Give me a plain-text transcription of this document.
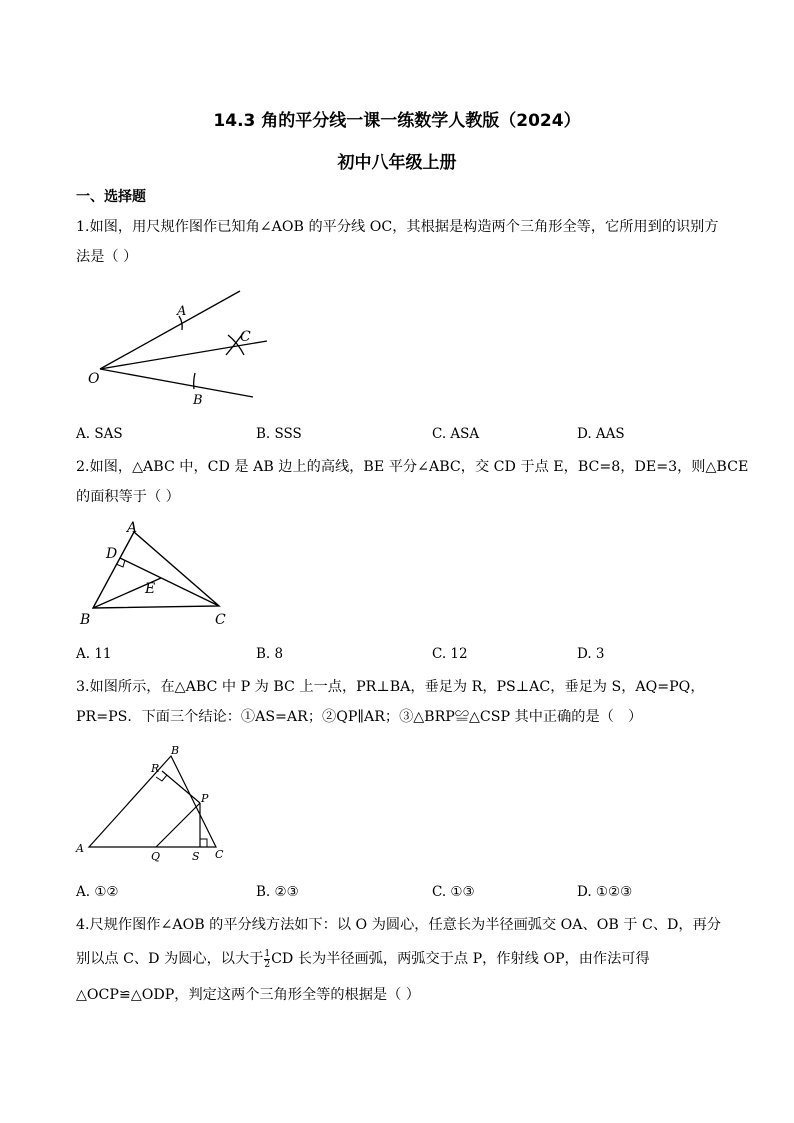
14.3 角的平分线一课一练数学人教版（2024）
初中八年级上册
一、选择题
1.如图，用尺规作图作已知角∠AOB 的平分线 OC，其根据是构造两个三角形全等，它所用到的识别方
法是（ ）
O
A
B
C
A. SAS	B. SSS	C. ASA	D. AAS
2.如图，△ABC 中，CD 是 AB 边上的高线，BE 平分∠ABC，交 CD 于点 E，BC=8，DE=3，则△BCE
的面积等于（ ）
A
D
E
B	C
A. 11	B. 8	C. 12	D. 3
3.如图所示，在△ABC 中 P 为 BC 上一点，PR⊥BA，垂足为 R，PS⊥AC，垂足为 S，AQ=PQ，
PR=PS．下面三个结论：①AS=AR；②QP∥AR；③△BRP≌△CSP 其中正确的是（　）
B
R
P
A
Q	S C
A. ①②	B. ②③	C. ①③	D. ①②③
4.尺规作图作∠AOB 的平分线方法如下：以 O 为圆心，任意长为半径画弧交 OA、OB 于 C、D，再分
别以点 C、D 为圆心，以大于 $\frac{1}{2}$ CD 长为半径画弧，两弧交于点 P，作射线 OP，由作法可得
△OCP≌△ODP，判定这两个三角形全等的根据是（ ）
